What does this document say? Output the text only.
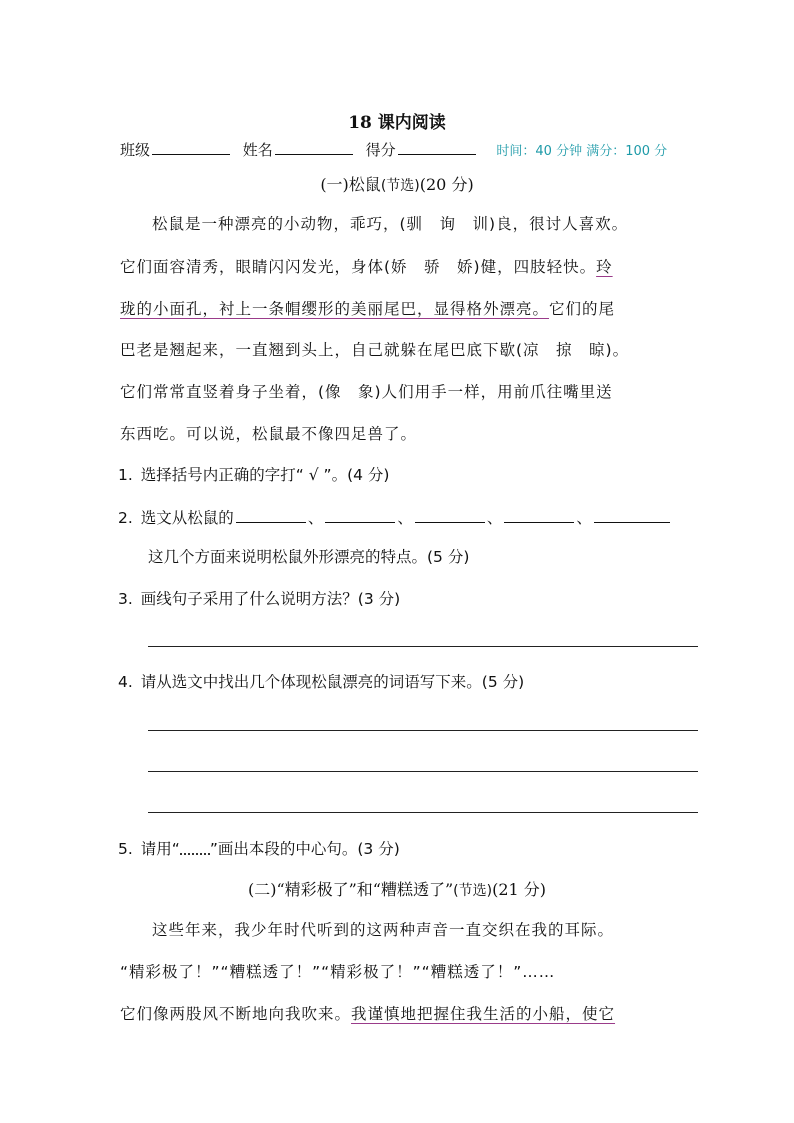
18 课内阅读
班级	姓名	得分	时间：40 分钟 满分：100 分
(一)松鼠(节选)(20 分)
松鼠是一种漂亮的小动物，乖巧，(驯　询　训)良，很讨人喜欢。
它们面容清秀，眼睛闪闪发光，身体(娇　骄　娇)健，四肢轻快。玲
珑的小面孔，衬上一条帽缨形的美丽尾巴，显得格外漂亮。它们的尾
巴老是翘起来，一直翘到头上，自己就躲在尾巴底下歇(凉　掠　晾)。
它们常常直竖着身子坐着，(像　象)人们用手一样，用前爪往嘴里送
东西吃。可以说，松鼠最不像四足兽了。
1. 选择括号内正确的字打“ √ ”。(4 分)
2. 选文从松鼠的	、	、	、	、
这几个方面来说明松鼠外形漂亮的特点。(5 分)
3. 画线句子采用了什么说明方法？(3 分)
4. 请从选文中找出几个体现松鼠漂亮的词语写下来。(5 分)
5. 请用“ ”画出本段的中心句。(3 分)
(二)“精彩极了”和“糟糕透了”(节选)(21 分)
这些年来，我少年时代听到的这两种声音一直交织在我的耳际。
“精彩极了！”“糟糕透了！”“精彩极了！”“糟糕透了！”……
它们像两股风不断地向我吹来。我谨慎地把握住我生活的小船，使它
